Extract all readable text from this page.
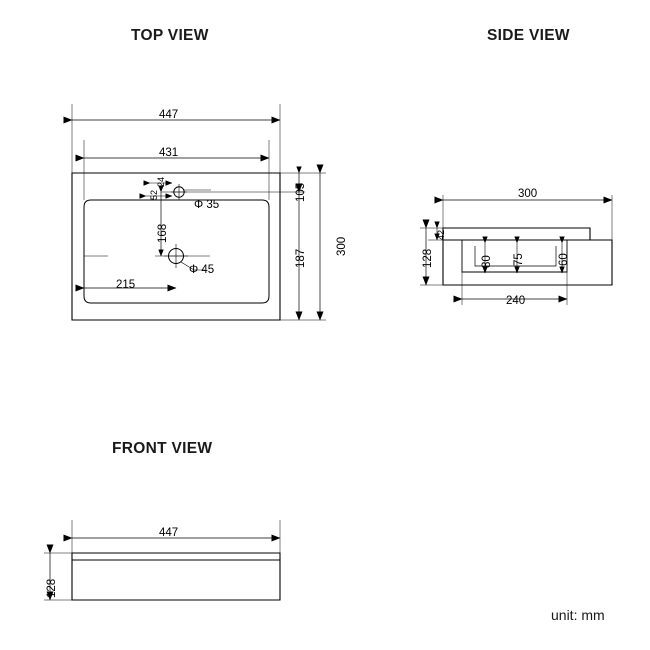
TOP VIEW	SIDE VIEW
FRONT VIEW
447
431
300
187
105
168
24
52
Φ 35
215
Φ 45
300
128
42
240
80 75	60
447
128
unit: mm
